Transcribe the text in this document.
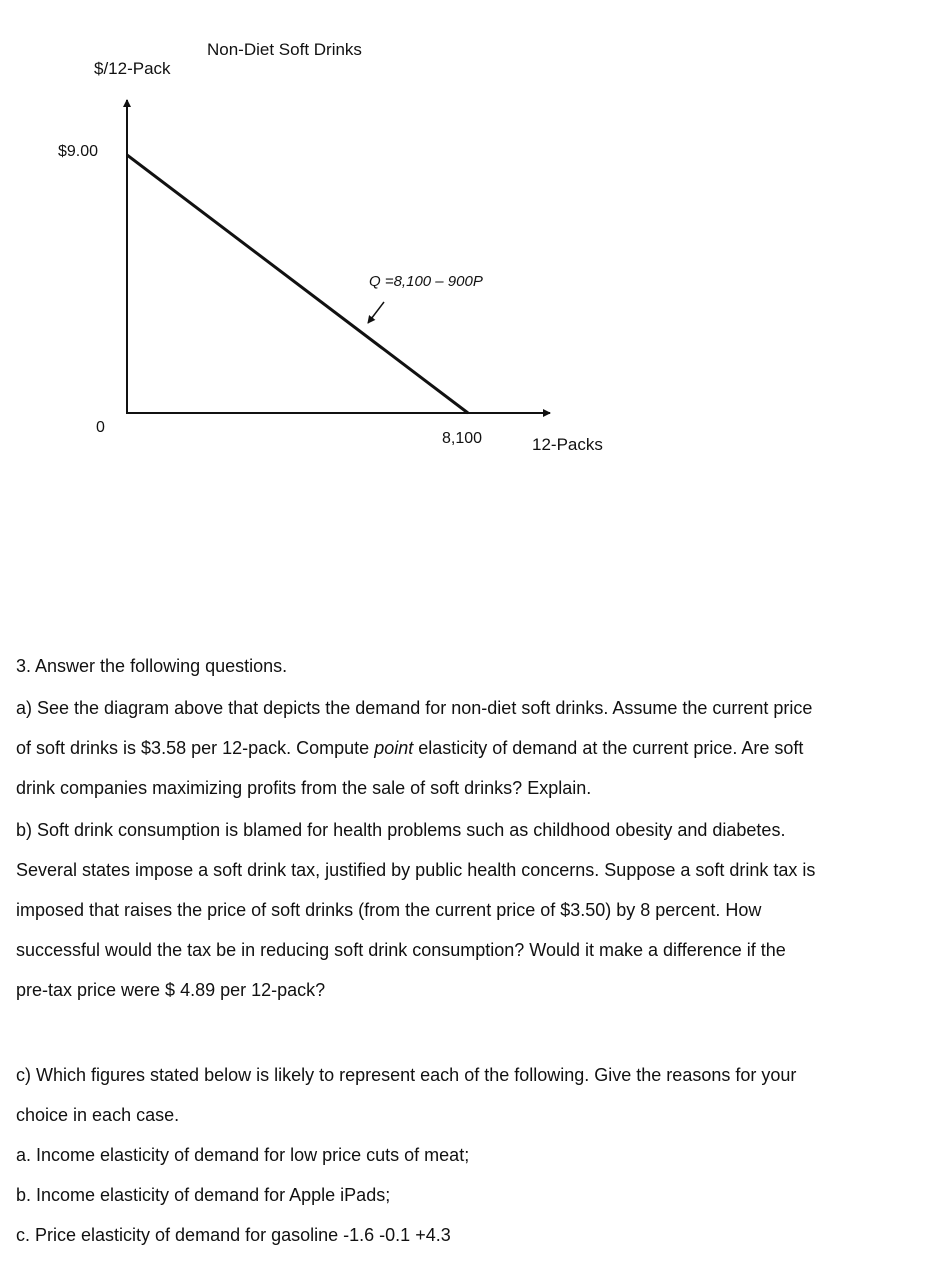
Non-Diet Soft Drinks
$/12-Pack
$9.00
0
8,100	12-Packs
Q =8,100 – 900P

3. Answer the following questions.

a) See the diagram above that depicts the demand for non-diet soft drinks. Assume the current price
of soft drinks is $3.58 per 12-pack. Compute point elasticity of demand at the current price. Are soft
drink companies maximizing profits from the sale of soft drinks? Explain.
b) Soft drink consumption is blamed for health problems such as childhood obesity and diabetes.
Several states impose a soft drink tax, justified by public health concerns. Suppose a soft drink tax is
imposed that raises the price of soft drinks (from the current price of $3.50) by 8 percent. How
successful would the tax be in reducing soft drink consumption? Would it make a difference if the
pre-tax price were $ 4.89 per 12-pack?
c) Which figures stated below is likely to represent each of the following. Give the reasons for your
choice in each case.
a. Income elasticity of demand for low price cuts of meat;
b. Income elasticity of demand for Apple iPads;
c. Price elasticity of demand for gasoline -1.6 -0.1 +4.3
